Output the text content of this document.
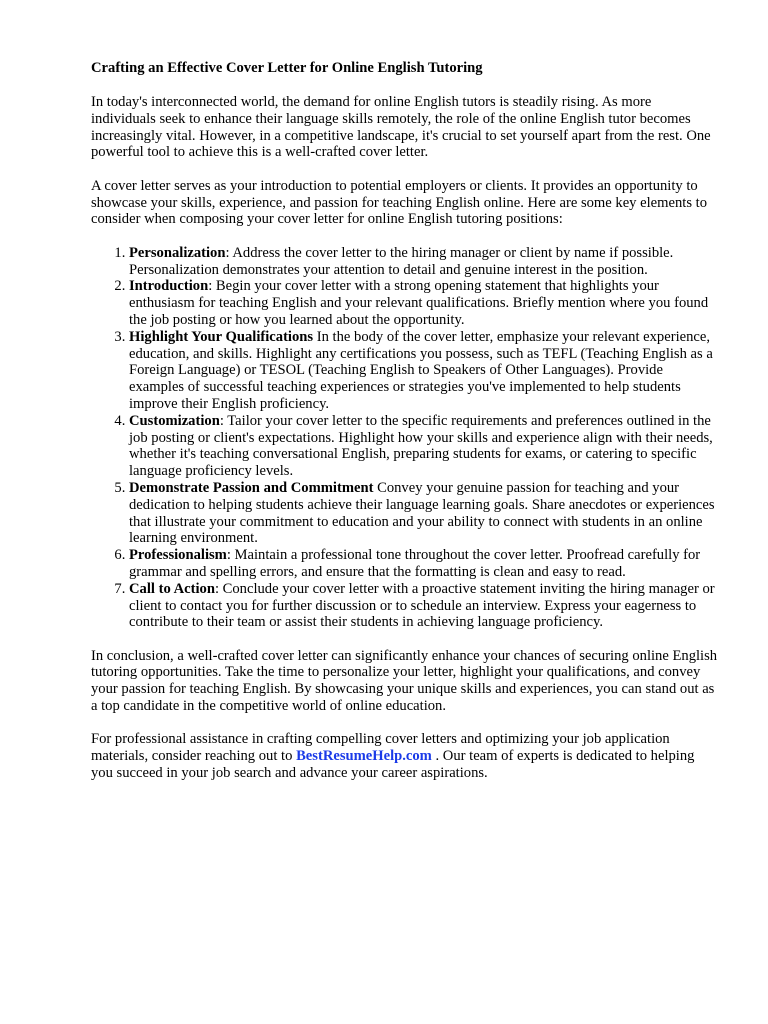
Crafting an Effective Cover Letter for Online English Tutoring

In today's interconnected world, the demand for online English tutors is steadily rising. As more individuals seek to enhance their language skills remotely, the role of the online English tutor becomes increasingly vital. However, in a competitive landscape, it's crucial to set yourself apart from the rest. One powerful tool to achieve this is a well-crafted cover letter.

A cover letter serves as your introduction to potential employers or clients. It provides an opportunity to showcase your skills, experience, and passion for teaching English online. Here are some key elements to consider when composing your cover letter for online English tutoring positions:

1. Personalization: Address the cover letter to the hiring manager or client by name if possible. Personalization demonstrates your attention to detail and genuine interest in the position.
2. Introduction: Begin your cover letter with a strong opening statement that highlights your enthusiasm for teaching English and your relevant qualifications. Briefly mention where you found the job posting or how you learned about the opportunity.
3. Highlight Your Qualifications In the body of the cover letter, emphasize your relevant experience, education, and skills. Highlight any certifications you possess, such as TEFL (Teaching English as a Foreign Language) or TESOL (Teaching English to Speakers of Other Languages). Provide examples of successful teaching experiences or strategies you've implemented to help students improve their English proficiency.
4. Customization: Tailor your cover letter to the specific requirements and preferences outlined in the job posting or client's expectations. Highlight how your skills and experience align with their needs, whether it's teaching conversational English, preparing students for exams, or catering to specific language proficiency levels.
5. Demonstrate Passion and Commitment Convey your genuine passion for teaching and your dedication to helping students achieve their language learning goals. Share anecdotes or experiences that illustrate your commitment to education and your ability to connect with students in an online learning environment.
6. Professionalism: Maintain a professional tone throughout the cover letter. Proofread carefully for grammar and spelling errors, and ensure that the formatting is clean and easy to read.
7. Call to Action: Conclude your cover letter with a proactive statement inviting the hiring manager or client to contact you for further discussion or to schedule an interview. Express your eagerness to contribute to their team or assist their students in achieving language proficiency.

In conclusion, a well-crafted cover letter can significantly enhance your chances of securing online English tutoring opportunities. Take the time to personalize your letter, highlight your qualifications, and convey your passion for teaching English. By showcasing your unique skills and experiences, you can stand out as a top candidate in the competitive world of online education.

For professional assistance in crafting compelling cover letters and optimizing your job application materials, consider reaching out to BestResumeHelp.com . Our team of experts is dedicated to helping you succeed in your job search and advance your career aspirations.
